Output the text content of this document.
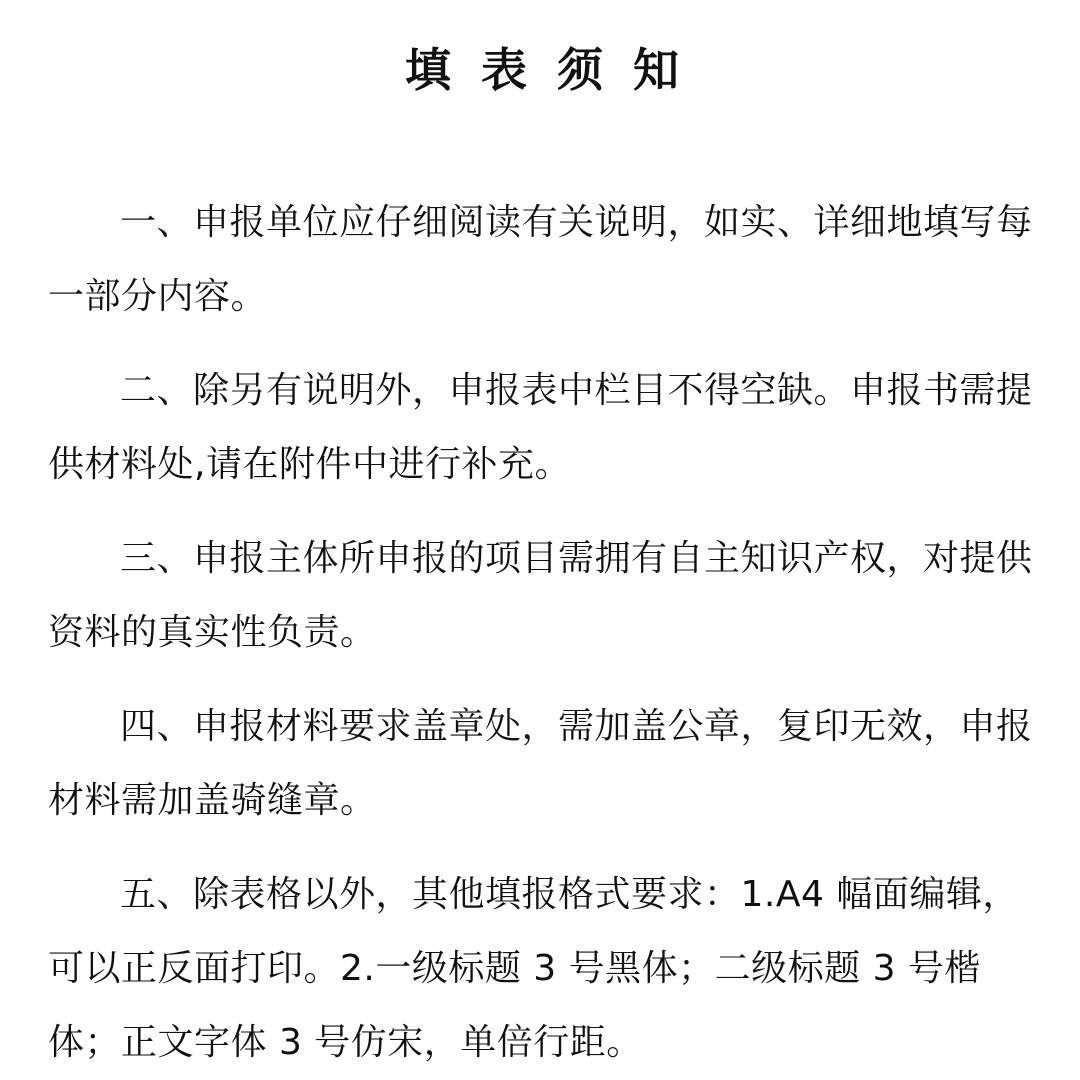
填表须知

一、申报单位应仔细阅读有关说明，如实、详细地填写每一部分内容。

二、除另有说明外，申报表中栏目不得空缺。申报书需提供材料处,请在附件中进行补充。

三、申报主体所申报的项目需拥有自主知识产权，对提供资料的真实性负责。

四、申报材料要求盖章处，需加盖公章，复印无效，申报材料需加盖骑缝章。

五、除表格以外，其他填报格式要求：1.A4 幅面编辑，可以正反面打印。2.一级标题 3 号黑体；二级标题 3 号楷体；正文字体 3 号仿宋，单倍行距。
